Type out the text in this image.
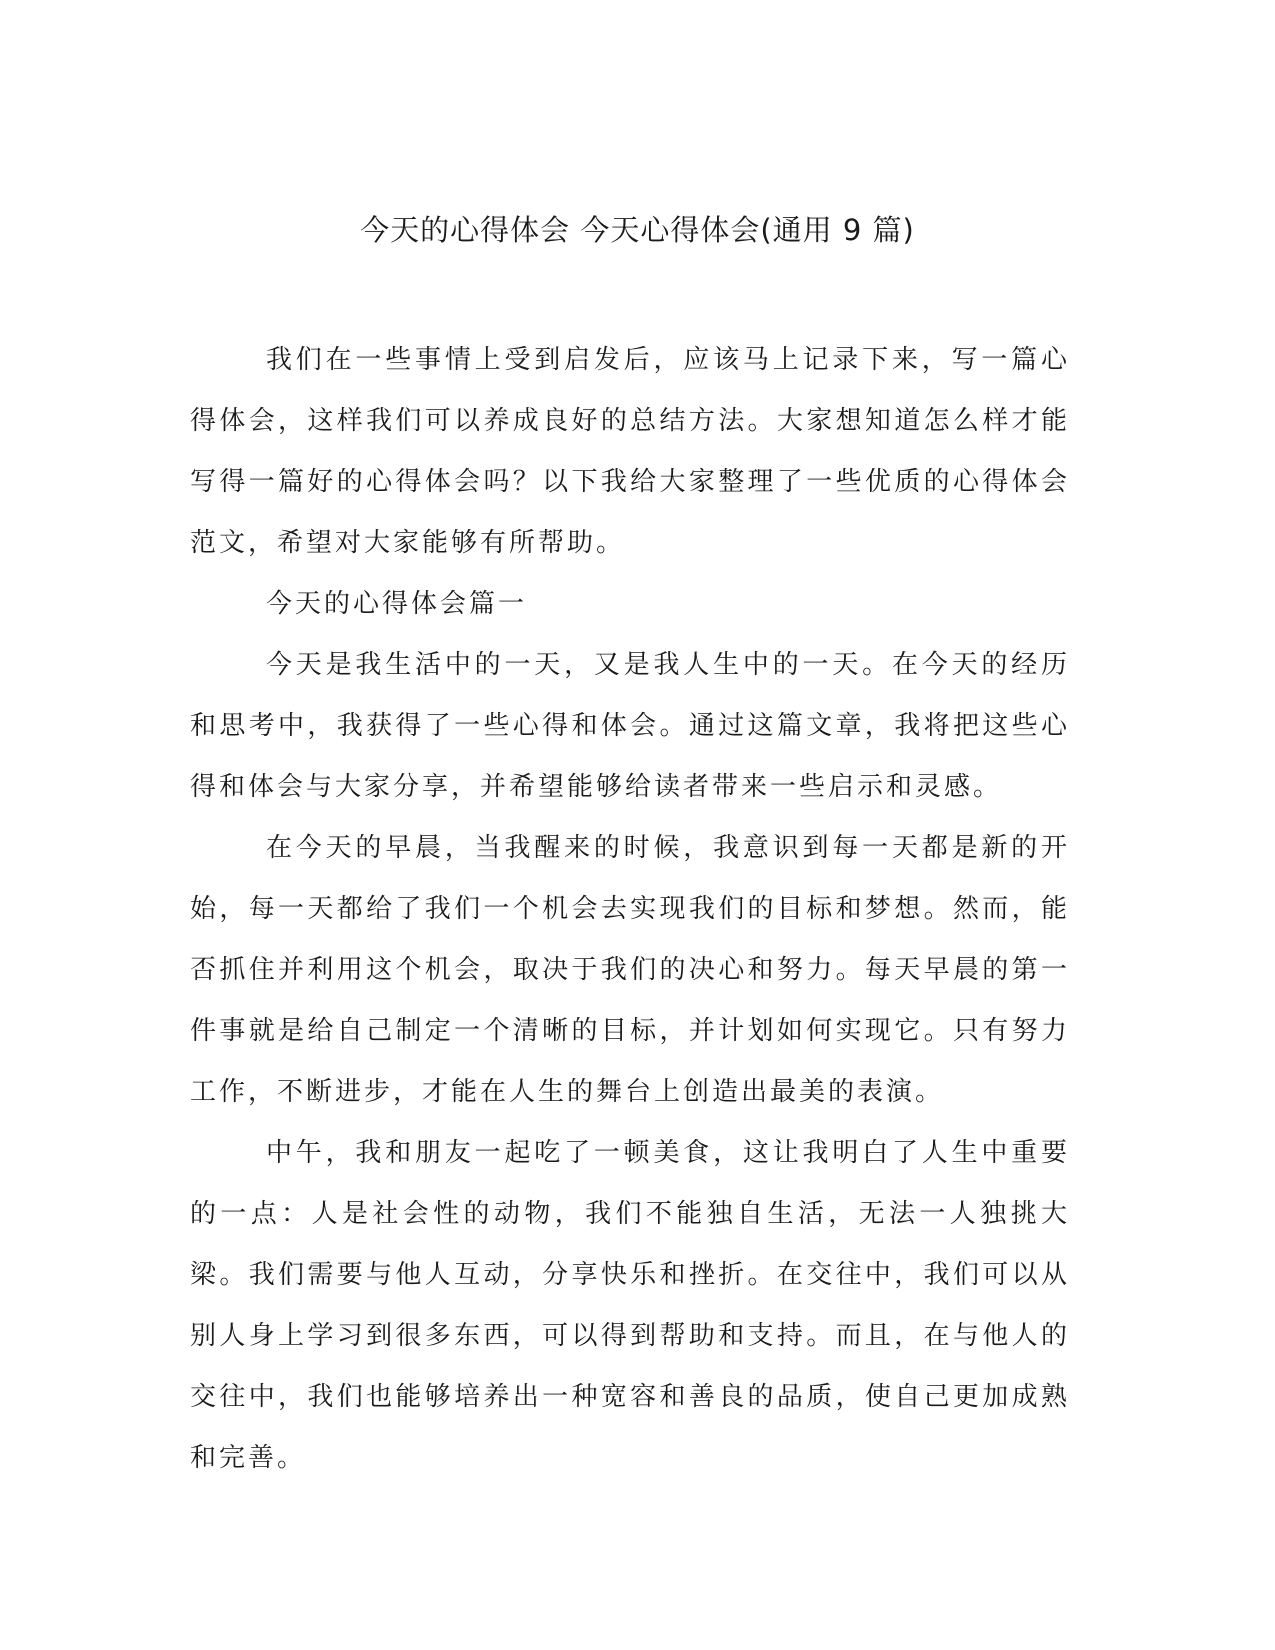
今天的心得体会 今天心得体会(通用 9 篇)

我们在一些事情上受到启发后，应该马上记录下来，写一篇心得体会，这样我们可以养成良好的总结方法。大家想知道怎么样才能写得一篇好的心得体会吗？以下我给大家整理了一些优质的心得体会范文，希望对大家能够有所帮助。

今天的心得体会篇一

今天是我生活中的一天，又是我人生中的一天。在今天的经历和思考中，我获得了一些心得和体会。通过这篇文章，我将把这些心得和体会与大家分享，并希望能够给读者带来一些启示和灵感。

在今天的早晨，当我醒来的时候，我意识到每一天都是新的开始，每一天都给了我们一个机会去实现我们的目标和梦想。然而，能否抓住并利用这个机会，取决于我们的决心和努力。每天早晨的第一件事就是给自己制定一个清晰的目标，并计划如何实现它。只有努力工作，不断进步，才能在人生的舞台上创造出最美的表演。

中午，我和朋友一起吃了一顿美食，这让我明白了人生中重要的一点：人是社会性的动物，我们不能独自生活，无法一人独挑大梁。我们需要与他人互动，分享快乐和挫折。在交往中，我们可以从别人身上学习到很多东西，可以得到帮助和支持。而且，在与他人的交往中，我们也能够培养出一种宽容和善良的品质，使自己更加成熟和完善。
